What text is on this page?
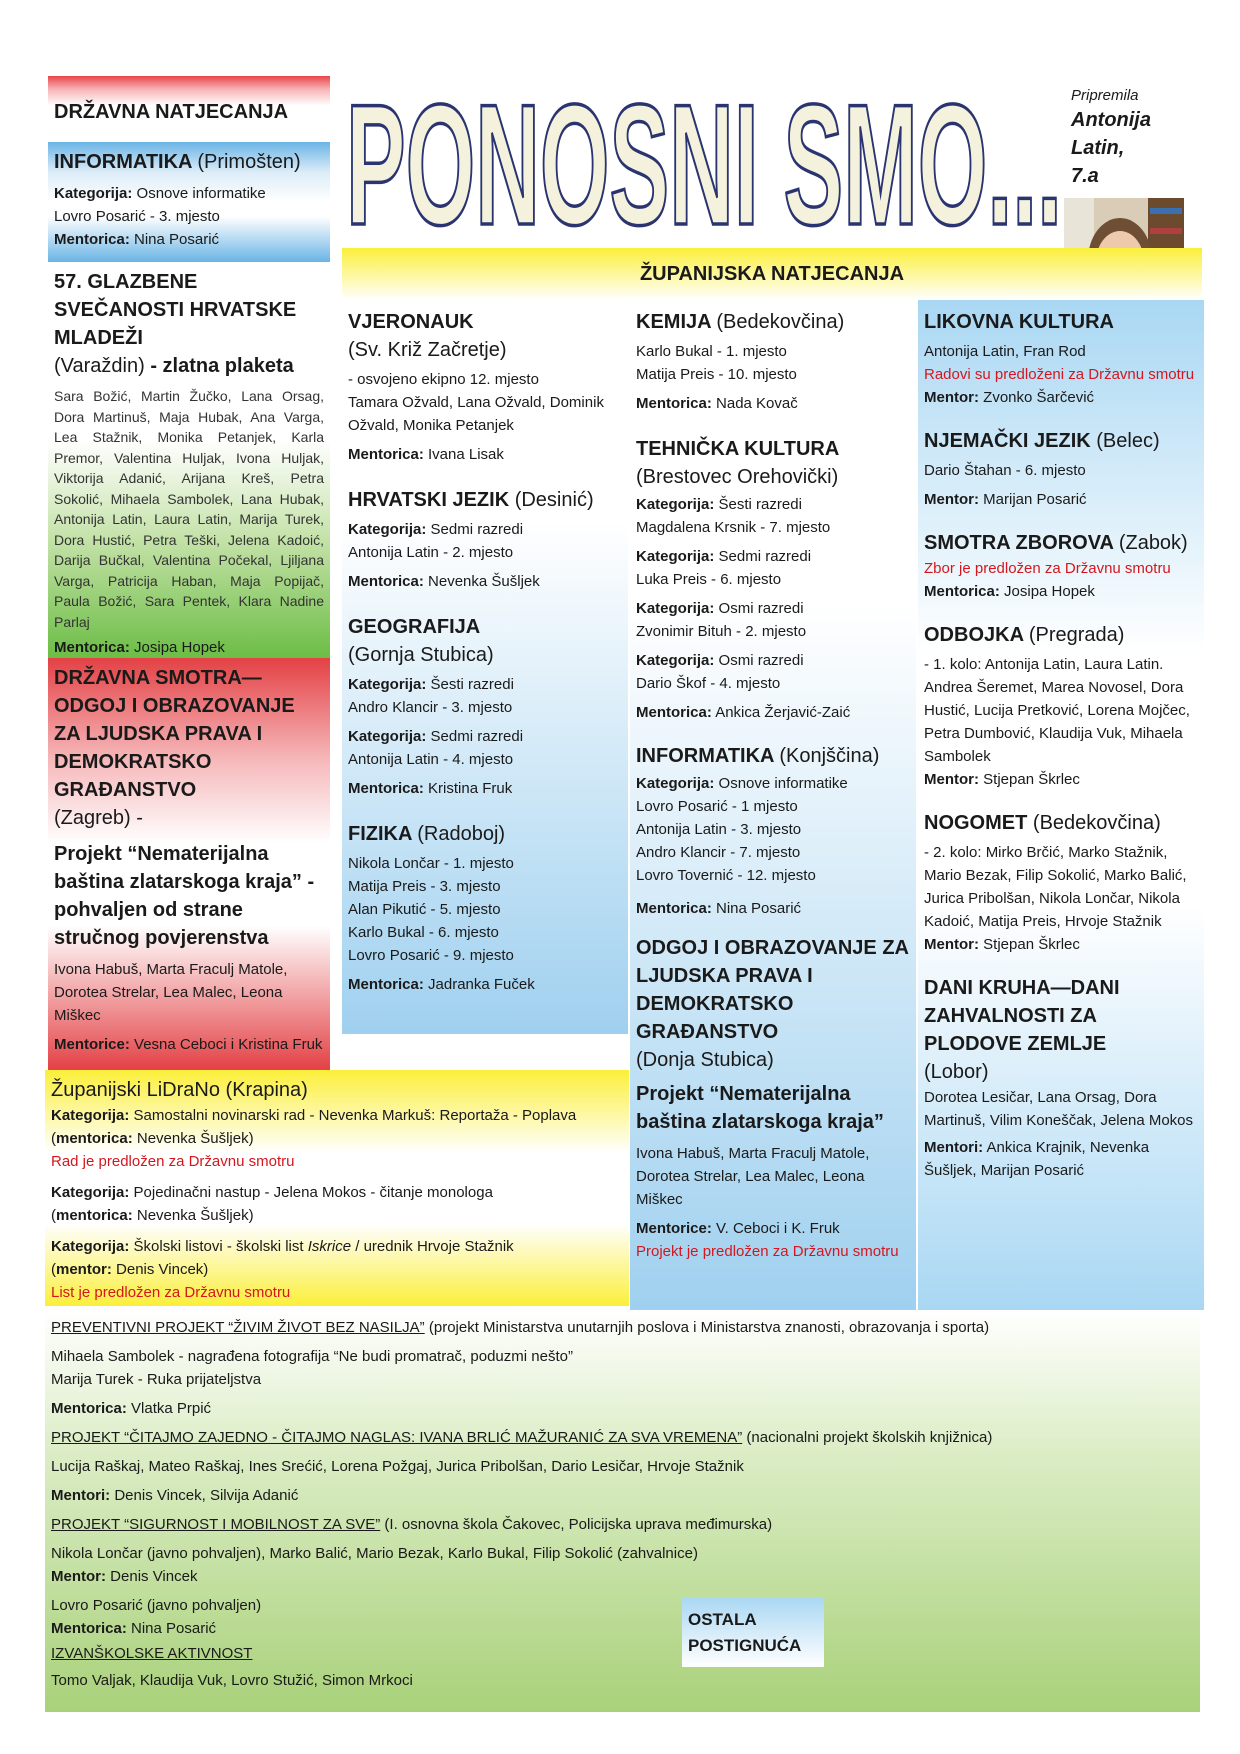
PONOSNI SMO... Pripremila
Antonija
Latin,
7.a

DRŽAVNA NATJECANJA

INFORMATIKA (Primošten)

Kategorija: Osnove informatike

Lovro Posarić - 3. mjesto

Mentorica: Nina Posarić

57. GLAZBENE SVEČANOSTI HRVATSKE MLADEŽI

(Varaždin) - zlatna plaketa

Sara Božić, Martin Žučko, Lana Orsag, Dora Martinuš, Maja Hubak, Ana Varga, Lea Stažnik, Monika Petanjek, Karla Premor, Valentina Huljak, Ivona Huljak, Viktorija Adanić, Arijana Kreš, Petra Sokolić, Mihaela Sambolek, Lana Hubak, Antonija Latin, Laura Latin, Marija Turek, Dora Hustić, Petra Teški, Jelena Kadoić, Darija Bučkal, Valentina Počekal, Ljiljana Varga, Patricija Haban, Maja Popijač, Paula Božić, Sara Pentek, Klara Nadine Parlaj

Mentorica: Josipa Hopek

DRŽAVNA SMOTRA—ODGOJ I OBRAZOVANJE ZA LJUDSKA PRAVA I DEMOKRATSKO GRAĐANSTVO

(Zagreb) -

Projekt “Nematerijalna baština zlatarskoga kraja” - pohvaljen od strane stručnog povjerenstva

Ivona Habuš, Marta Fraculj Matole, Dorotea Strelar, Lea Malec, Leona Miškec

Mentorice: Vesna Ceboci i Kristina Fruk

Županijski LiDraNo (Krapina)

Kategorija: Samostalni novinarski rad - Nevenka Markuš: Reportaža - Poplava (mentorica: Nevenka Šušljek)

Rad je predložen za Državnu smotru

Kategorija: Pojedinačni nastup - Jelena Mokos - čitanje monologa

(mentorica: Nevenka Šušljek)

Kategorija: Školski listovi - školski list Iskrice / urednik Hrvoje Stažnik

(mentor: Denis Vincek)

List je predložen za Državnu smotru

ŽUPANIJSKA NATJECANJA

VJERONAUK

(Sv. Križ Začretje)

- osvojeno ekipno 12. mjesto

Tamara Ožvald, Lana Ožvald, Dominik Ožvald, Monika Petanjek

Mentorica: Ivana Lisak

HRVATSKI JEZIK (Desinić)

Kategorija: Sedmi razredi

Antonija Latin - 2. mjesto

Mentorica: Nevenka Šušljek

GEOGRAFIJA

(Gornja Stubica)

Kategorija: Šesti razredi

Andro Klancir - 3. mjesto

Kategorija: Sedmi razredi

Antonija Latin - 4. mjesto

Mentorica: Kristina Fruk

FIZIKA (Radoboj)

Nikola Lončar - 1. mjesto

Matija Preis - 3. mjesto

Alan Pikutić - 5. mjesto

Karlo Bukal - 6. mjesto

Lovro Posarić - 9. mjesto

Mentorica: Jadranka Fuček

KEMIJA (Bedekovčina)

Karlo Bukal - 1. mjesto

Matija Preis - 10. mjesto

Mentorica: Nada Kovač

TEHNIČKA KULTURA

(Brestovec Orehovički)

Kategorija: Šesti razredi

Magdalena Krsnik - 7. mjesto

Kategorija: Sedmi razredi

Luka Preis - 6. mjesto

Kategorija: Osmi razredi

Zvonimir Bituh - 2. mjesto

Kategorija: Osmi razredi

Dario Škof - 4. mjesto

Mentorica: Ankica Žerjavić-Zaić

INFORMATIKA (Konjščina)

Kategorija: Osnove informatike

Lovro Posarić - 1 mjesto

Antonija Latin - 3. mjesto

Andro Klancir - 7. mjesto

Lovro Tovernić - 12. mjesto

Mentorica: Nina Posarić

ODGOJ I OBRAZOVANJE ZA LJUDSKA PRAVA I DEMOKRATSKO GRAĐANSTVO

(Donja Stubica)

Projekt “Nematerijalna baština zlatarskoga kraja”

Ivona Habuš, Marta Fraculj Matole, Dorotea Strelar, Lea Malec, Leona Miškec

Mentorice: V. Ceboci i K. Fruk

Projekt je predložen za Državnu smotru

LIKOVNA KULTURA

Antonija Latin, Fran Rod

Radovi su predloženi za Državnu smotru

Mentor: Zvonko Šarčević

NJEMAČKI JEZIK (Belec)

Dario Štahan - 6. mjesto

Mentor: Marijan Posarić

SMOTRA ZBOROVA (Zabok)

Zbor je predložen za Državnu smotru

Mentorica: Josipa Hopek

ODBOJKA (Pregrada)

- 1. kolo: Antonija Latin, Laura Latin. Andrea Šeremet, Marea Novosel, Dora Hustić, Lucija Pretković, Lorena Mojčec, Petra Dumbović, Klaudija Vuk, Mihaela Sambolek

Mentor: Stjepan Škrlec

NOGOMET (Bedekovčina)

- 2. kolo: Mirko Brčić, Marko Stažnik, Mario Bezak, Filip Sokolić, Marko Balić, Jurica Pribolšan, Nikola Lončar, Nikola Kadoić, Matija Preis, Hrvoje Stažnik

Mentor: Stjepan Škrlec

DANI KRUHA—DANI ZAHVALNOSTI ZA PLODOVE ZEMLJE

(Lobor)

Dorotea Lesičar, Lana Orsag, Dora Martinuš, Vilim Koneščak, Jelena Mokos

Mentori: Ankica Krajnik, Nevenka Šušljek, Marijan Posarić

PREVENTIVNI PROJEKT “ŽIVIM ŽIVOT BEZ NASILJA” (projekt Ministarstva unutarnjih poslova i Ministarstva znanosti, obrazovanja i sporta)

Mihaela Sambolek - nagrađena fotografija “Ne budi promatrač, poduzmi nešto”

Marija Turek - Ruka prijateljstva

Mentorica: Vlatka Prpić

PROJEKT “ČITAJMO ZAJEDNO - ČITAJMO NAGLAS: IVANA BRLIĆ MAŽURANIĆ ZA SVA VREMENA” (nacionalni projekt školskih knjižnica)

Lucija Raškaj, Mateo Raškaj, Ines Srećić, Lorena Požgaj, Jurica Pribolšan, Dario Lesičar, Hrvoje Stažnik

Mentori: Denis Vincek, Silvija Adanić

PROJEKT “SIGURNOST I MOBILNOST ZA SVE” (I. osnovna škola Čakovec, Policijska uprava međimurska)

Nikola Lončar (javno pohvaljen), Marko Balić, Mario Bezak, Karlo Bukal, Filip Sokolić (zahvalnice)

Mentor: Denis Vincek

Lovro Posarić (javno pohvaljen)

Mentorica: Nina Posarić

IZVANŠKOLSKE AKTIVNOST

Tomo Valjak, Klaudija Vuk, Lovro Stužić, Simon Mrkoci

OSTALA

POSTIGNUĆA
